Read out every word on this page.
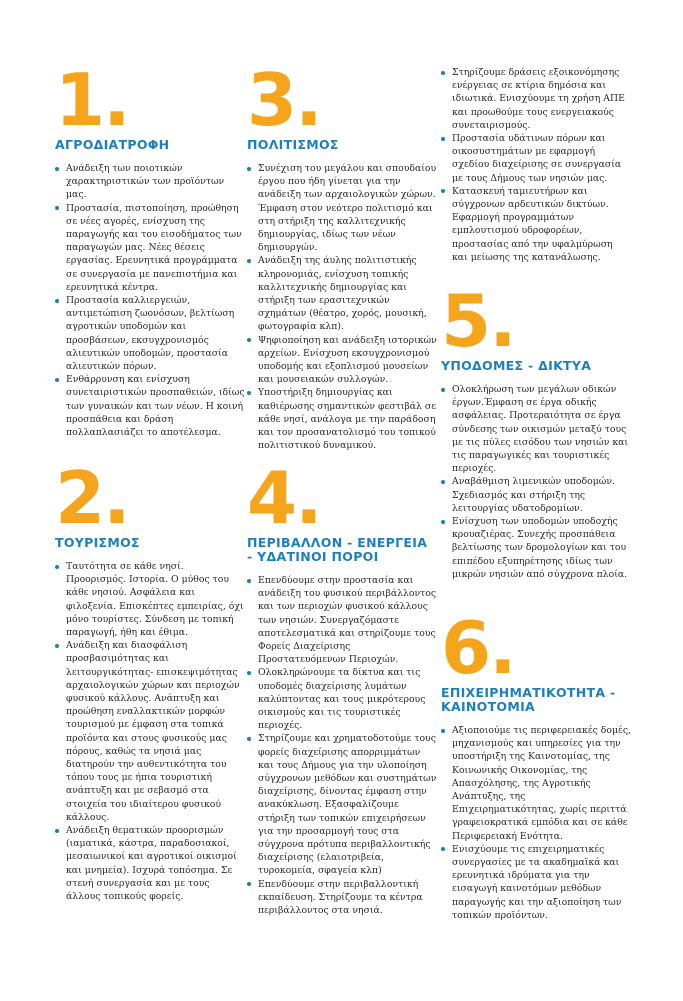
1.
ΑΓΡΟΔΙΑΤΡΟΦΗ
Ανάδειξη των ποιοτικών χαρακτηριστικών των προϊόντων μας.
Προστασία, πιστοποίηση, προώθηση σε νέες αγορές, ενίσχυση της παραγωγής και του εισοδήματος των παραγωγών μας. Νέες θέσεις εργασίας. Ερευνητικά προγράμματα σε συνεργασία με πανεπιστήμια και ερευνητικά κέντρα.
Προστασία καλλιεργειών, αντιμετώπιση ζωονόσων, βελτίωση αγροτικών υποδομών και προσβάσεων, εκσυγχρονισμός αλιευτικών υποδομών, προστασία αλιευτικών πόρων.
Ενθάρρυνση και ενίσχυση συνεταιριστικών προσπαθειών, ιδίως των γυναικών και των νέων. Η κοινή προσπάθεια και δράση πολλαπλασιάζει το αποτέλεσμα.
2.
ΤΟΥΡΙΣΜΟΣ
Ταυτότητα σε κάθε νησί. Προορισμός. Ιστορία. Ο μύθος του κάθε νησιού. Ασφάλεια και φιλοξενία. Επισκέπτες εμπειρίας, όχι μόνο τουρίστες. Σύνδεση με τοπική παραγωγή, ήθη και έθιμα.
Ανάδειξη και διασφάλιση προσβασιμότητας και λειτουργικότητας- επισκεψιμότητας αρχαιολογικών χώρων και περιοχών φυσικού κάλλους. Ανάπτυξη και προώθηση εναλλακτικών μορφών τουρισμού με έμφαση στα τοπικά προϊόντα και στους φυσικούς μας πόρους, καθώς τα νησιά μας διατηρούν την αυθεντικότητα του τόπου τους με ήπια τουριστική ανάπτυξη και με σεβασμό στα στοιχεία του ιδιαίτερου φυσικού κάλλους.
Ανάδειξη θεματικών προορισμών (ιαματικά, κάστρα, παραδοσιακοί, μεσαιωνικοί και αγροτικοί οικισμοί και μνημεία). Ισχυρά τοπόσημα. Σε στενή συνεργασία και με τους άλλους τοπικούς φορείς.
3.
ΠΟΛΙΤΙΣΜΟΣ
Συνέχιση του μεγάλου και σπουδαίου έργου που ήδη γίνεται για την ανάδειξη των αρχαιολογικών χώρων. Έμφαση στον νεότερο πολιτισμό και στη στήριξη της καλλιτεχνικής δημιουργίας, ιδίως των νέων δημιουργών.
Ανάδειξη της άυλης πολιτιστικής κληρονομιάς, ενίσχυση τοπικής καλλιτεχνικής δημιουργίας και στήριξη των ερασιτεχνικών σχημάτων (θέατρο, χορός, μουσική, φωτογραφία κλπ).
Ψηφιοποίηση και ανάδειξη ιστορικών αρχείων. Ενίσχυση εκσυγχρονισμού υποδομής και εξοπλισμού μουσείων και μουσειακών συλλογών.
Υποστήριξη δημιουργίας και καθιέρωσης σημαντικών φεστιβάλ σε κάθε νησί, ανάλογα με την παράδοση και τον προσανατολισμό του τοπικού πολιτιστικού δυναμικού.
4.
ΠΕΡΙΒΑΛΛΟΝ - ΕΝΕΡΓΕΙΑ - ΥΔΑΤΙΝΟΙ ΠΟΡΟΙ
Επενδύουμε στην προστασία και ανάδειξη του φυσικού περιβάλλοντος και των περιοχών φυσικού κάλλους των νησιών. Συνεργαζόμαστε αποτελεσματικά και στηρίζουμε τους Φορείς Διαχείρισης Προστατευόμενων Περιοχών.
Ολοκληρώνουμε τα δίκτυα και τις υποδομές διαχείρισης λυμάτων καλύπτοντας και τους μικρότερους οικισμούς και τις τουριστικές περιοχές.
Στηρίζουμε και χρηματοδοτούμε τους φορείς διαχείρισης απορριμμάτων και τους Δήμους για την υλοποίηση σύγχρονων μεθόδων και συστημάτων διαχείρισης, δίνοντας έμφαση στην ανακύκλωση. Εξασφαλίζουμε στήριξη των τοπικών επιχειρήσεων για την προσαρμογή τους στα σύγχρονα πρότυπα περιβαλλοντικής διαχείρισης (ελαιοτριβεία, τυροκομεία, σφαγεία κλπ)
Επενδύουμε στην περιβαλλοντική εκπαίδευση. Στηρίζουμε τα κέντρα περιβάλλοντος στα νησιά.
Στηρίζουμε δράσεις εξοικονόμησης ενέργειας σε κτίρια δημόσια και ιδιωτικά. Ενισχύουμε τη χρήση ΑΠΕ και προωθούμε τους ενεργειακούς συνεταιρισμούς.
Προστασία υδάτινων πόρων και οικοσυστημάτων με εφαρμογή σχεδίου διαχείρισης σε συνεργασία με τους Δήμους των νησιών μας.
Κατασκευή ταμιευτήρων και σύγχρονων αρδευτικών δικτύων. Εφαρμογή προγραμμάτων εμπλουτισμού υδροφορέων, προστασίας από την υφαλμύρωση και μείωσης της κατανάλωσης.
5.
ΥΠΟΔΟΜΕΣ - ΔΙΚΤΥΑ
Ολοκλήρωση των μεγάλων οδικών έργων.Έμφαση σε έργα οδικής ασφάλειας. Προτεραιότητα σε έργα σύνδεσης των οικισμών μεταξύ τους με τις πύλες εισόδου των νησιών και τις παραγωγικές και τουριστικές περιοχές.
Αναβάθμιση λιμενικών υποδομών. Σχεδιασμός και στήριξη της λειτουργίας υδατοδρομίων.
Ενίσχυση των υποδομών υποδοχής κρουαζιέρας. Συνεχής προσπάθεια βελτίωσης των δρομολογίων και του επιπέδου εξυπηρέτησης ιδίως των μικρών νησιών από σύγχρονα πλοία.
6.
ΕΠΙΧΕΙΡΗΜΑΤΙΚΟΤΗΤΑ - ΚΑΙΝΟΤΟΜΙΑ
Αξιοποιούμε τις περιφερειακές δομές, μηχανισμούς και υπηρεσίες για την υποστήριξη της Καινοτομίας, της Κοινωνικής Οικονομίας, της Απασχόλησης, της Αγροτικής Ανάπτυξης, της Επιχειρηματικότητας, χωρίς περιττά γραφειοκρατικά εμπόδια και σε κάθε Περιφερειακή Ενότητα.
Ενισχύουμε τις επιχειρηματικές συνεργασίες με τα ακαδημαϊκά και ερευνητικά ιδρύματα για την εισαγωγή καινοτόμων μεθόδων παραγωγής και την αξιοποίηση των τοπικών προϊόντων.
